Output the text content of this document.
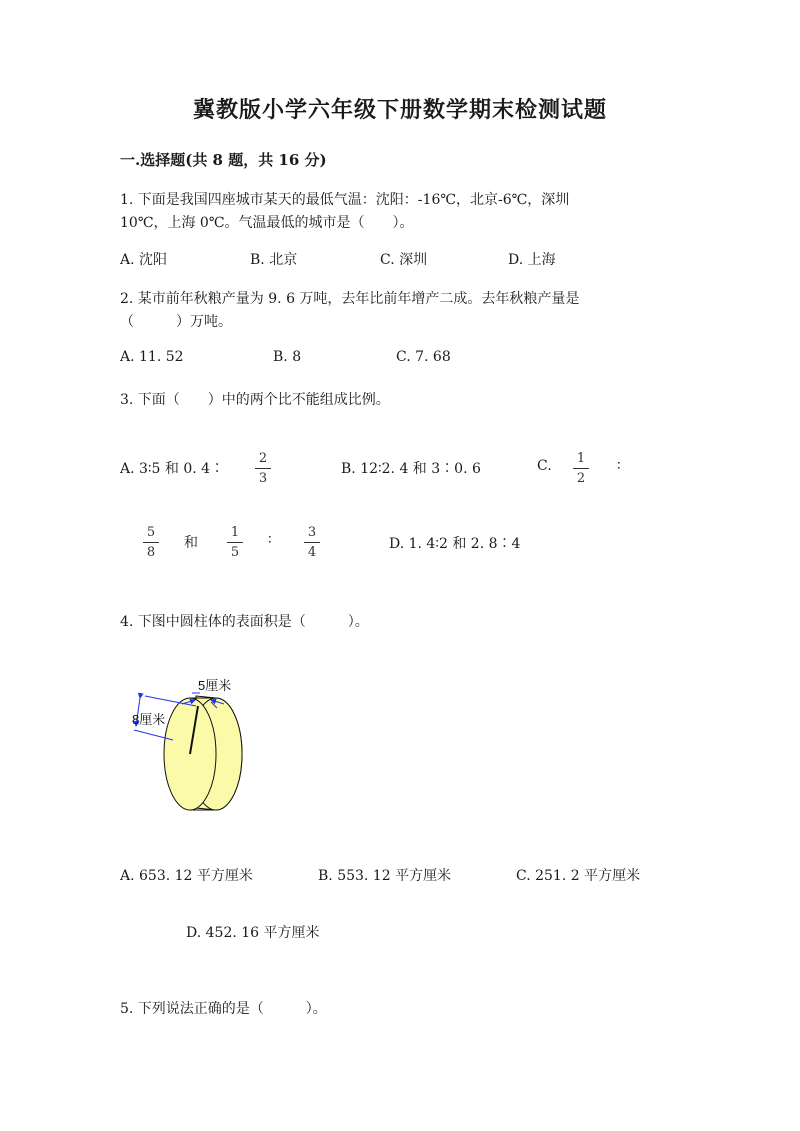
冀教版小学六年级下册数学期末检测试题
一.选择题(共 8 题，共 16 分)
1. 下面是我国四座城市某天的最低气温：沈阳：-16℃，北京-6℃，深圳
10℃，上海 0℃。气温最低的城市是（　　）。
A. 沈阳	B. 北京	C. 深圳	D. 上海
2. 某市前年秋粮产量为 9. 6 万吨，去年比前年增产二成。去年秋粮产量是
（　　　）万吨。
A. 11. 52	B. 8	C. 7. 68
3. 下面（　　）中的两个比不能组成比例。
A. 3∶5 和 0. 4∶
2
3
B. 12∶2. 4 和 3∶0. 6	C.	1
2
∶
5
8
和
1
5
∶	3
4
D. 1. 4∶2 和 2. 8∶4
4. 下图中圆柱体的表面积是（　　　）。
5厘米
8厘米
A. 653. 12 平方厘米	B. 553. 12 平方厘米	C. 251. 2 平方厘米
D. 452. 16 平方厘米
5. 下列说法正确的是（　　　）。
